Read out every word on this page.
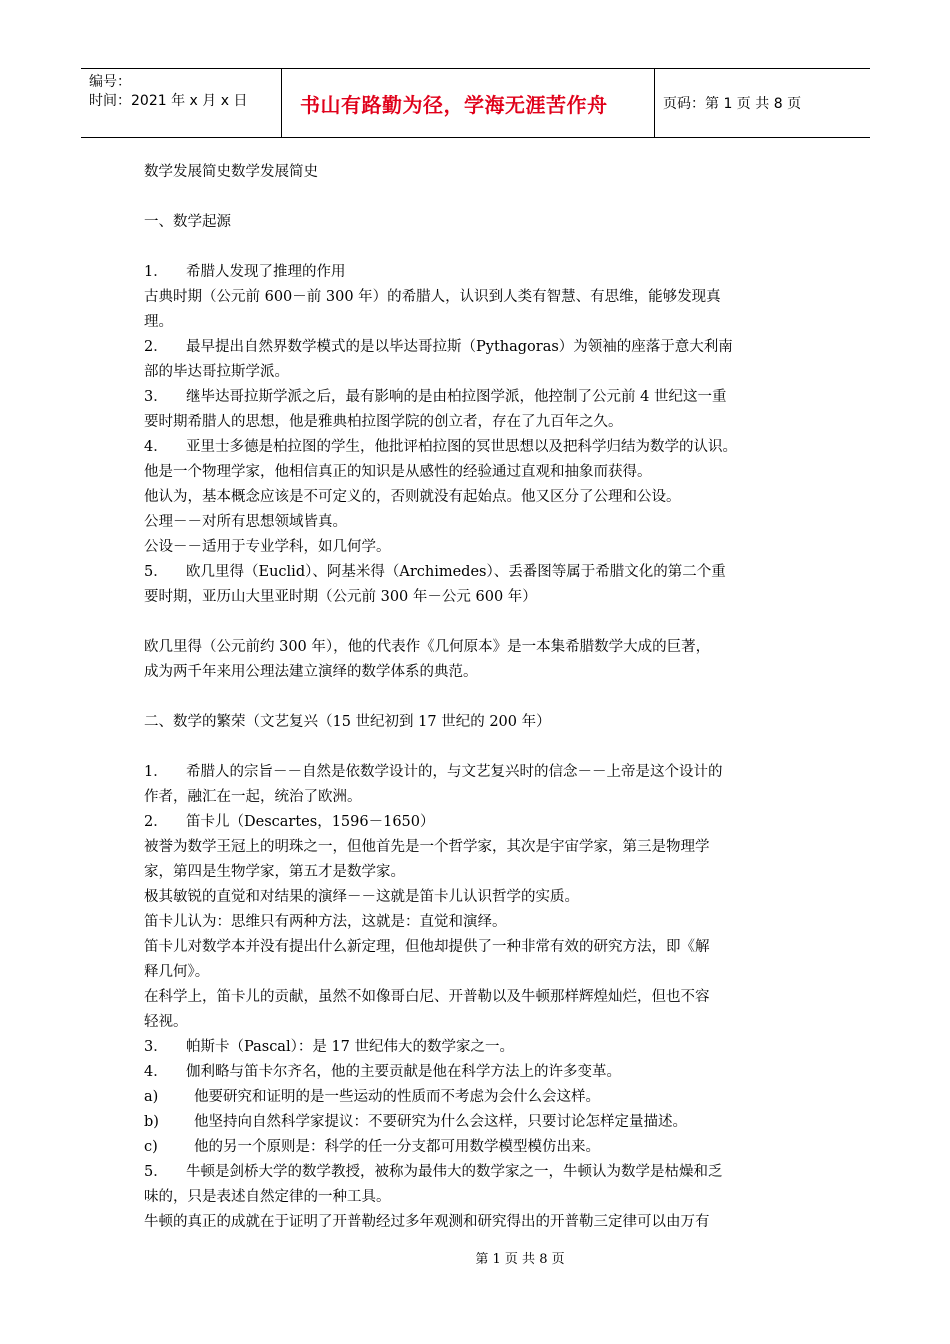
编号：
时间：2021 年 x 月 x 日	书山有路勤为径，学海无涯苦作舟	页码：第 1 页 共 8 页
数学发展简史数学发展简史
一、数学起源
1． 希腊人发现了推理的作用
古典时期（公元前 600－前 300 年）的希腊人，认识到人类有智慧、有思维，能够发现真
理。
2． 最早提出自然界数学模式的是以毕达哥拉斯（Pythagoras）为领袖的座落于意大利南
部的毕达哥拉斯学派。
3． 继毕达哥拉斯学派之后，最有影响的是由柏拉图学派，他控制了公元前 4 世纪这一重
要时期希腊人的思想，他是雅典柏拉图学院的创立者，存在了九百年之久。
4． 亚里士多德是柏拉图的学生，他批评柏拉图的冥世思想以及把科学归结为数学的认识。
他是一个物理学家，他相信真正的知识是从感性的经验通过直观和抽象而获得。
他认为，基本概念应该是不可定义的，否则就没有起始点。他又区分了公理和公设。
公理－－对所有思想领域皆真。
公设－－适用于专业学科，如几何学。
5． 欧几里得（Euclid）、阿基米得（Archimedes）、丢番图等属于希腊文化的第二个重
要时期，亚历山大里亚时期（公元前 300 年－公元 600 年）
欧几里得（公元前约 300 年），他的代表作《几何原本》是一本集希腊数学大成的巨著，
成为两千年来用公理法建立演绎的数学体系的典范。
二、数学的繁荣（文艺复兴（15 世纪初到 17 世纪的 200 年）
1． 希腊人的宗旨－－自然是依数学设计的，与文艺复兴时的信念－－上帝是这个设计的
作者，融汇在一起，统治了欧洲。
2． 笛卡儿（Descartes，1596－1650）
被誉为数学王冠上的明珠之一，但他首先是一个哲学家，其次是宇宙学家，第三是物理学
家，第四是生物学家，第五才是数学家。
极其敏锐的直觉和对结果的演绎－－这就是笛卡儿认识哲学的实质。
笛卡儿认为：思维只有两种方法，这就是：直觉和演绎。
笛卡儿对数学本并没有提出什么新定理，但他却提供了一种非常有效的研究方法，即《解
释几何》。
在科学上，笛卡儿的贡献，虽然不如像哥白尼、开普勒以及牛顿那样辉煌灿烂，但也不容
轻视。
3． 帕斯卡（Pascal）：是 17 世纪伟大的数学家之一。
4． 伽利略与笛卡尔齐名，他的主要贡献是他在科学方法上的许多变革。
a) 他要研究和证明的是一些运动的性质而不考虑为会什么会这样。
b) 他坚持向自然科学家提议：不要研究为什么会这样，只要讨论怎样定量描述。
c) 他的另一个原则是：科学的任一分支都可用数学模型模仿出来。
5． 牛顿是剑桥大学的数学教授，被称为最伟大的数学家之一，牛顿认为数学是枯燥和乏
味的，只是表述自然定律的一种工具。
牛顿的真正的成就在于证明了开普勒经过多年观测和研究得出的开普勒三定律可以由万有
第 1 页 共 8 页
